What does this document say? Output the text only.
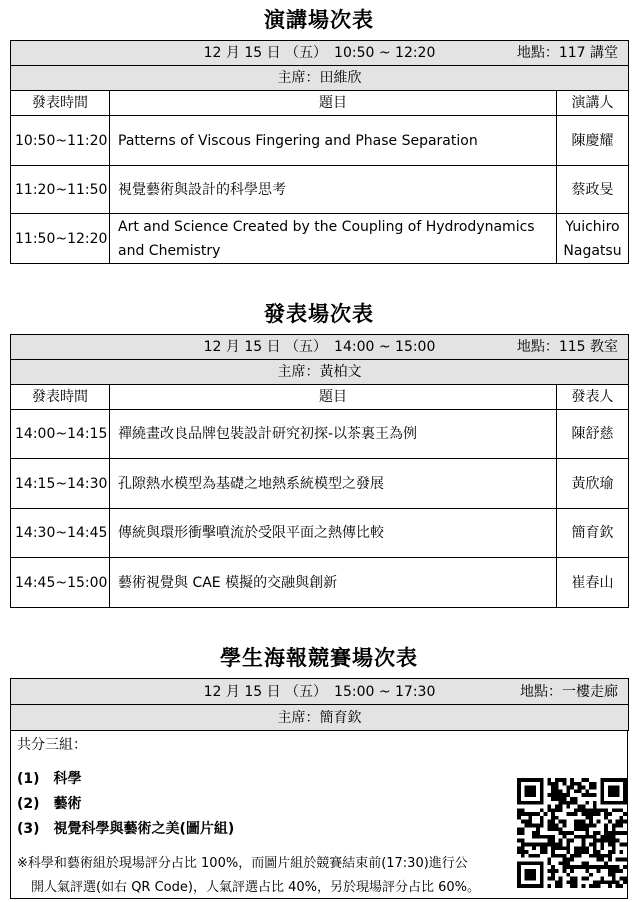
演講場次表
12 月 15 日 （五）　10:50 ~ 12:20 地點：117 講堂		

主席：田維欣		
發表時間	題目	演講人
10:50~11:20	Patterns of Viscous Fingering and Phase Separation	陳慶耀
11:20~11:50	視覺藝術與設計的科學思考	蔡政旻
11:50~12:20	Art and Science Created by the Coupling of Hydrodynamics and Chemistry	Yuichiro Nagatsu
發表場次表
12 月 15 日 （五）　14:00 ~ 15:00 地點：115 教室		

主席：黃柏文		
發表時間	題目	發表人
14:00~14:15	禪繞畫改良品牌包裝設計研究初探-以茶裏王為例	陳舒慈
14:15~14:30	孔隙熱水模型為基礎之地熱系統模型之發展	黃欣瑜
14:30~14:45	傳統與環形衝擊噴流於受限平面之熱傳比較	簡育欽
14:45~15:00	藝術視覺與 CAE 模擬的交融與創新	崔春山
學生海報競賽場次表
12 月 15 日 （五）　15:00 ~ 17:30	地點：一樓走廊

主席：簡育欽

共分三組：

(1)　科學

(2)　藝術

(3)　視覺科學與藝術之美(圖片組)

※科學和藝術組於現場評分占比 100%，而圖片組於競賽結束前(17:30)進行公

開人氣評選(如右 QR Code)，人氣評選占比 40%，另於現場評分占比 60%。
